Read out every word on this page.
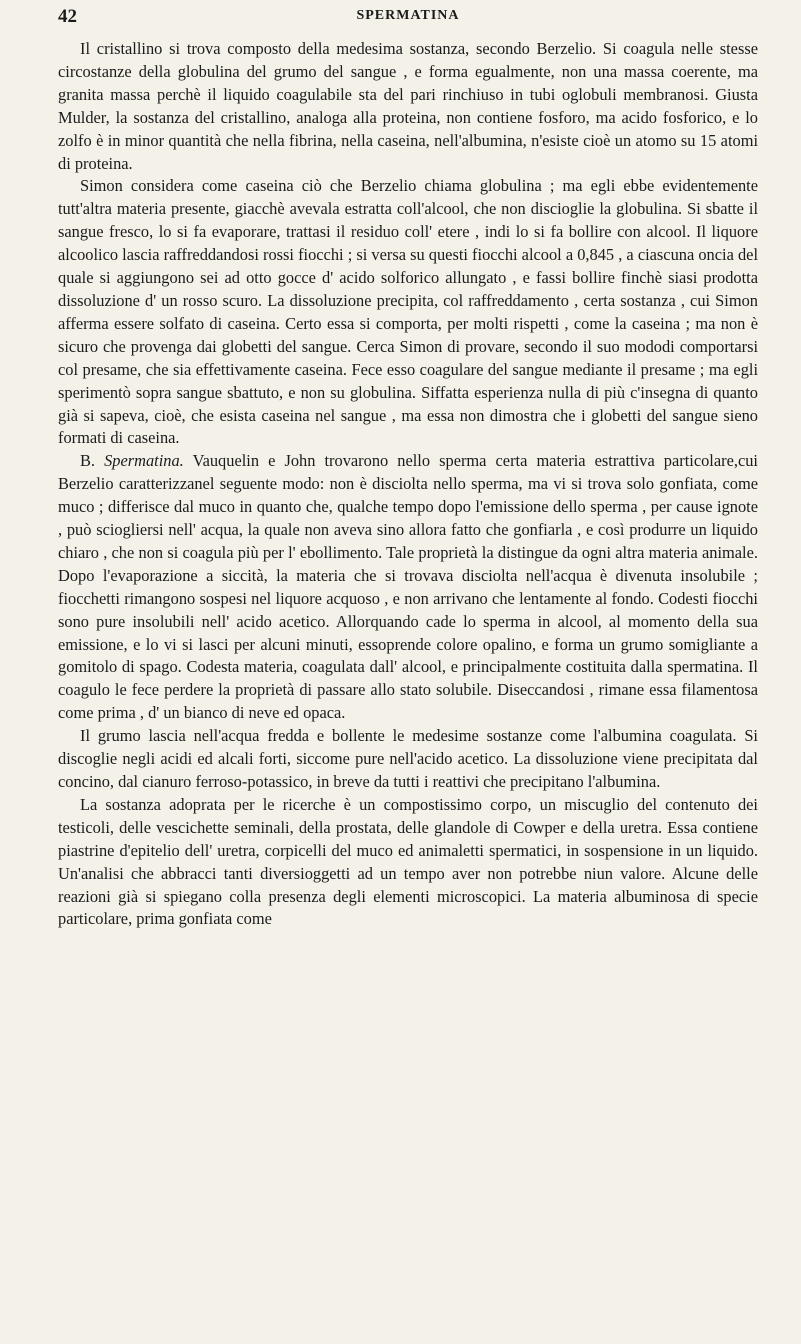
42	SPERMATINA

Il cristallino si trova composto della medesima sostanza, secondo Berzelio. Si coagula nelle stesse circostanze della globulina del grumo del sangue , e forma egualmente, non una massa coerente, ma granita massa perchè il liquido coagulabile sta del pari rinchiuso in tubi oglobuli membranosi. Giusta Mulder, la sostanza del cristallino, analoga alla proteina, non contiene fosforo, ma acido fosforico, e lo zolfo è in minor quantità che nella fibrina, nella caseina, nell'albumina, n'esiste cioè un atomo su 15 atomi di proteina.

Simon considera come caseina ciò che Berzelio chiama globulina ; ma egli ebbe evidentemente tutt'altra materia presente, giacchè avevala estratta coll'alcool, che non discioglie la globulina. Si sbatte il sangue fresco, lo si fa evaporare, trattasi il residuo coll' etere , indi lo si fa bollire con alcool. Il liquore alcoolico lascia raffreddandosi rossi fiocchi ; si versa su questi fiocchi alcool a 0,845 , a ciascuna oncia del quale si aggiungono sei ad otto gocce d' acido solforico allungato , e fassi bollire finchè siasi prodotta dissoluzione d' un rosso scuro. La dissoluzione precipita, col raffreddamento , certa sostanza , cui Simon afferma essere solfato di caseina. Certo essa si comporta, per molti rispetti , come la caseina ; ma non è sicuro che provenga dai globetti del sangue. Cerca Simon di provare, secondo il suo mododi comportarsi col presame, che sia effettivamente caseina. Fece esso coagulare del sangue mediante il presame ; ma egli sperimentò sopra sangue sbattuto, e non su globulina. Siffatta esperienza nulla di più c'insegna di quanto già si sapeva, cioè, che esista caseina nel sangue , ma essa non dimostra che i globetti del sangue sieno formati di caseina.

B. Spermatina. Vauquelin e John trovarono nello sperma certa materia estrattiva particolare,cui Berzelio caratterizzanel seguente modo: non è disciolta nello sperma, ma vi si trova solo gonfiata, come muco ; differisce dal muco in quanto che, qualche tempo dopo l'emissione dello sperma , per cause ignote , può sciogliersi nell' acqua, la quale non aveva sino allora fatto che gonfiarla , e così produrre un liquido chiaro , che non si coagula più per l' ebollimento. Tale proprietà la distingue da ogni altra materia animale. Dopo l'evaporazione a siccità, la materia che si trovava disciolta nell'acqua è divenuta insolubile ; fiocchetti rimangono sospesi nel liquore acquoso , e non arrivano che lentamente al fondo. Codesti fiocchi sono pure insolubili nell' acido acetico. Allorquando cade lo sperma in alcool, al momento della sua emissione, e lo vi si lasci per alcuni minuti, essoprende colore opalino, e forma un grumo somigliante a gomitolo di spago. Codesta materia, coagulata dall' alcool, e principalmente costituita dalla spermatina. Il coagulo le fece perdere la proprietà di passare allo stato solubile. Diseccandosi , rimane essa filamentosa come prima , d' un bianco di neve ed opaca.

Il grumo lascia nell'acqua fredda e bollente le medesime sostanze come l'albumina coagulata. Si discoglie negli acidi ed alcali forti, siccome pure nell'acido acetico. La dissoluzione viene precipitata dal concino, dal cianuro ferroso-potassico, in breve da tutti i reattivi che precipitano l'albumina.

La sostanza adoprata per le ricerche è un compostissimo corpo, un miscuglio del contenuto dei testicoli, delle vescichette seminali, della prostata, delle glandole di Cowper e della uretra. Essa contiene piastrine d'epitelio dell' uretra, corpicelli del muco ed animaletti spermatici, in sospensione in un liquido. Un'analisi che abbracci tanti diversioggetti ad un tempo aver non potrebbe niun valore. Alcune delle reazioni già si spiegano colla presenza degli elementi microscopici. La materia albuminosa di specie particolare, prima gonfiata come
